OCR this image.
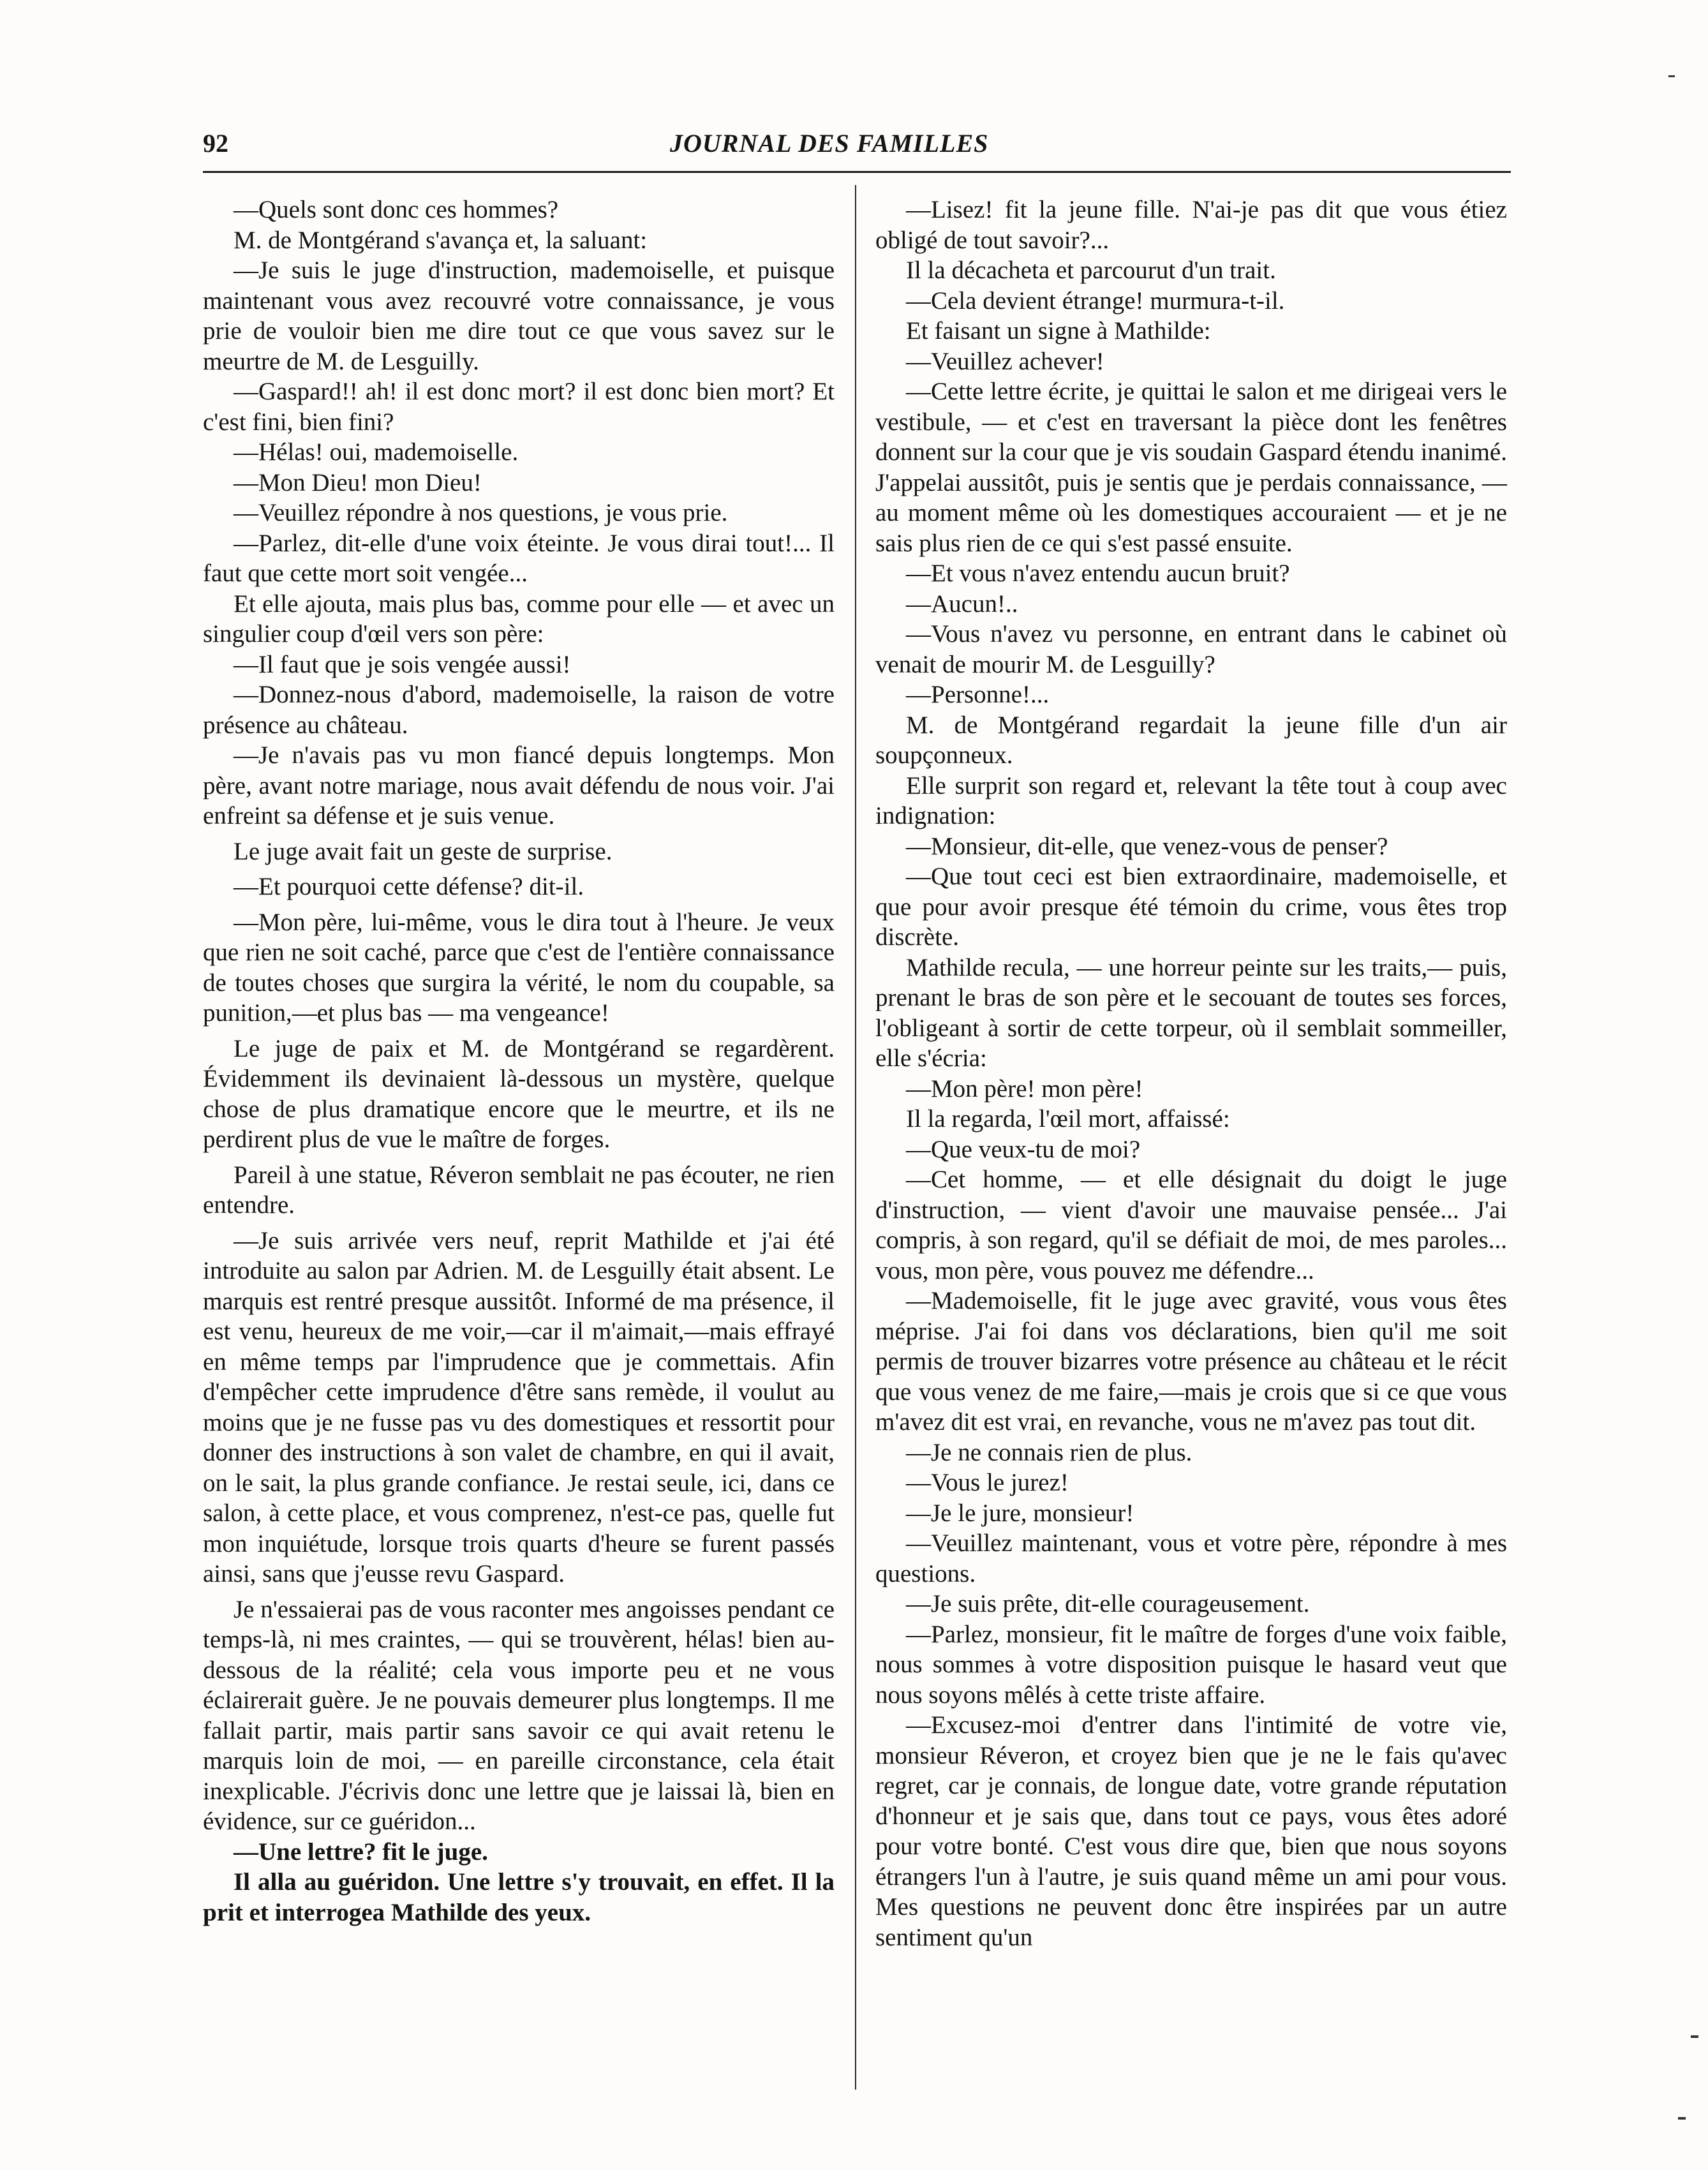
92	JOURNAL DES FAMILLES

—Quels sont donc ces hommes?

M. de Montgérand s'avança et, la saluant:

—Je suis le juge d'instruction, mademoiselle, et puisque maintenant vous avez recouvré votre connaissance, je vous prie de vouloir bien me dire tout ce que vous savez sur le meurtre de M. de Lesguilly.

—Gaspard!! ah! il est donc mort? il est donc bien mort? Et c'est fini, bien fini?

—Hélas! oui, mademoiselle.

—Mon Dieu! mon Dieu!

—Veuillez répondre à nos questions, je vous prie.

—Parlez, dit-elle d'une voix éteinte. Je vous dirai tout!... Il faut que cette mort soit vengée...

Et elle ajouta, mais plus bas, comme pour elle — et avec un singulier coup d'œil vers son père:

—Il faut que je sois vengée aussi!

—Donnez-nous d'abord, mademoiselle, la raison de votre présence au château.

—Je n'avais pas vu mon fiancé depuis longtemps. Mon père, avant notre mariage, nous avait défendu de nous voir. J'ai enfreint sa défense et je suis venue.

Le juge avait fait un geste de surprise.

—Et pourquoi cette défense? dit-il.

—Mon père, lui-même, vous le dira tout à l'heure. Je veux que rien ne soit caché, parce que c'est de l'entière connaissance de toutes choses que surgira la vérité, le nom du coupable, sa punition,—et plus bas — ma vengeance!

Le juge de paix et M. de Montgérand se regardèrent. Évidemment ils devinaient là-dessous un mystère, quelque chose de plus dramatique encore que le meurtre, et ils ne perdirent plus de vue le maître de forges.

Pareil à une statue, Réveron semblait ne pas écouter, ne rien entendre.

—Je suis arrivée vers neuf, reprit Mathilde et j'ai été introduite au salon par Adrien. M. de Lesguilly était absent. Le marquis est rentré presque aussitôt. Informé de ma présence, il est venu, heureux de me voir,—car il m'aimait,—mais effrayé en même temps par l'imprudence que je commettais. Afin d'empêcher cette imprudence d'être sans remède, il voulut au moins que je ne fusse pas vu des domestiques et ressortit pour donner des instructions à son valet de chambre, en qui il avait, on le sait, la plus grande confiance. Je restai seule, ici, dans ce salon, à cette place, et vous comprenez, n'est-ce pas, quelle fut mon inquiétude, lorsque trois quarts d'heure se furent passés ainsi, sans que j'eusse revu Gaspard.

Je n'essaierai pas de vous raconter mes angoisses pendant ce temps-là, ni mes craintes, — qui se trouvèrent, hélas! bien au-dessous de la réalité; cela vous importe peu et ne vous éclairerait guère. Je ne pouvais demeurer plus longtemps. Il me fallait partir, mais partir sans savoir ce qui avait retenu le marquis loin de moi, — en pareille circonstance, cela était inexplicable. J'écrivis donc une lettre que je laissai là, bien en évidence, sur ce guéridon...

—Une lettre? fit le juge.

Il alla au guéridon. Une lettre s'y trouvait, en effet. Il la prit et interrogea Mathilde des yeux.

—Lisez! fit la jeune fille. N'ai-je pas dit que vous étiez obligé de tout savoir?...

Il la décacheta et parcourut d'un trait.

—Cela devient étrange! murmura-t-il.

Et faisant un signe à Mathilde:

—Veuillez achever!

—Cette lettre écrite, je quittai le salon et me dirigeai vers le vestibule, — et c'est en traversant la pièce dont les fenêtres donnent sur la cour que je vis soudain Gaspard étendu inanimé. J'appelai aussitôt, puis je sentis que je perdais connaissance, — au moment même où les domestiques accouraient — et je ne sais plus rien de ce qui s'est passé ensuite.

—Et vous n'avez entendu aucun bruit?

—Aucun!..

—Vous n'avez vu personne, en entrant dans le cabinet où venait de mourir M. de Lesguilly?

—Personne!...

M. de Montgérand regardait la jeune fille d'un air soupçonneux.

Elle surprit son regard et, relevant la tête tout à coup avec indignation:

—Monsieur, dit-elle, que venez-vous de penser?

—Que tout ceci est bien extraordinaire, mademoiselle, et que pour avoir presque été témoin du crime, vous êtes trop discrète.

Mathilde recula, — une horreur peinte sur les traits,— puis, prenant le bras de son père et le secouant de toutes ses forces, l'obligeant à sortir de cette torpeur, où il semblait sommeiller, elle s'écria:

—Mon père! mon père!

Il la regarda, l'œil mort, affaissé:

—Que veux-tu de moi?

—Cet homme, — et elle désignait du doigt le juge d'instruction, — vient d'avoir une mauvaise pensée... J'ai compris, à son regard, qu'il se défiait de moi, de mes paroles... vous, mon père, vous pouvez me défendre...

—Mademoiselle, fit le juge avec gravité, vous vous êtes méprise. J'ai foi dans vos déclarations, bien qu'il me soit permis de trouver bizarres votre présence au château et le récit que vous venez de me faire,—mais je crois que si ce que vous m'avez dit est vrai, en revanche, vous ne m'avez pas tout dit.

—Je ne connais rien de plus.

—Vous le jurez!

—Je le jure, monsieur!

—Veuillez maintenant, vous et votre père, répondre à mes questions.

—Je suis prête, dit-elle courageusement.

—Parlez, monsieur, fit le maître de forges d'une voix faible, nous sommes à votre disposition puisque le hasard veut que nous soyons mêlés à cette triste affaire.

—Excusez-moi d'entrer dans l'intimité de votre vie, monsieur Réveron, et croyez bien que je ne le fais qu'avec regret, car je connais, de longue date, votre grande réputation d'honneur et je sais que, dans tout ce pays, vous êtes adoré pour votre bonté. C'est vous dire que, bien que nous soyons étrangers l'un à l'autre, je suis quand même un ami pour vous. Mes questions ne peuvent donc être inspirées par un autre sentiment qu'un
